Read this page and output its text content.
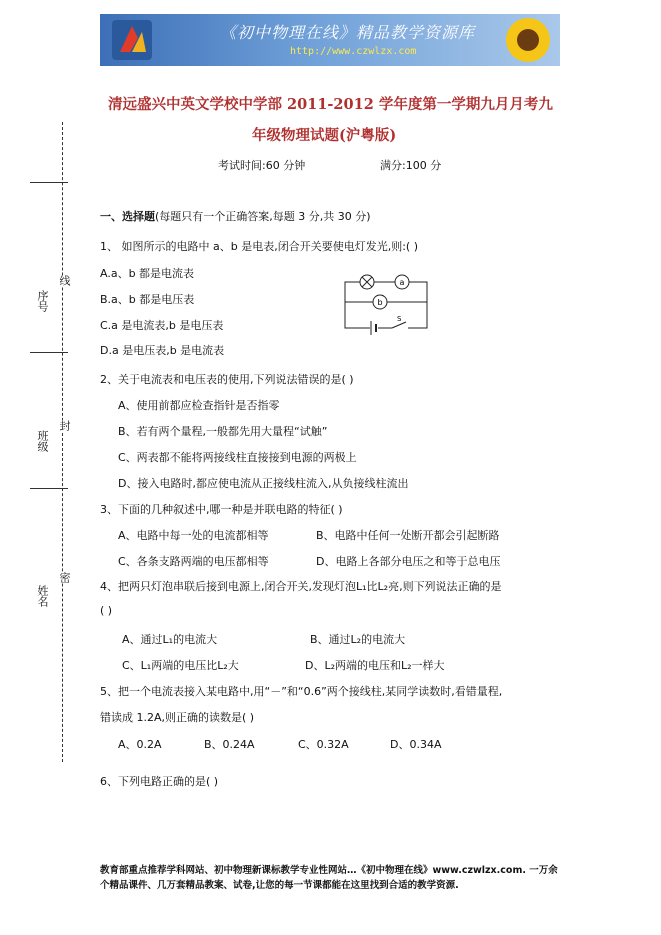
《初中物理在线》精品教学资源库
http://www.czwlzx.com
清远盛兴中英文学校中学部 2011-2012 学年度第一学期九月月考九
年级物理试题(沪粤版)
考试时间:60 分钟	满分:100 分
序号
线
班级
封
姓名
密
一、选择题(每题只有一个正确答案,每题 3 分,共 30 分)
1、 如图所示的电路中 a、b 是电表,闭合开关要使电灯发光,则:( )
A.a、b 都是电流表
B.a、b 都是电压表
C.a 是电流表,b 是电压表
D.a 是电压表,b 是电流表
a
b
S
2、关于电流表和电压表的使用,下列说法错误的是( )
A、使用前都应检查指针是否指零
B、若有两个量程,一般都先用大量程“试触”
C、两表都不能将两接线柱直接接到电源的两极上
D、接入电路时,都应使电流从正接线柱流入,从负接线柱流出
3、下面的几种叙述中,哪一种是并联电路的特征( )
A、电路中每一处的电流都相等	B、电路中任何一处断开都会引起断路
C、各条支路两端的电压都相等	D、电路上各部分电压之和等于总电压
4、把两只灯泡串联后接到电源上,闭合开关,发现灯泡L₁比L₂亮,则下列说法正确的是
( )
A、通过L₁的电流大	B、通过L₂的电流大
C、L₁两端的电压比L₂大	D、L₂两端的电压和L₂一样大
5、把一个电流表接入某电路中,用“－”和“0.6”两个接线柱,某同学读数时,看错量程,
错读成 1.2A,则正确的读数是( )
A、0.2A	B、0.24A	C、0.32A	D、0.34A
6、下列电路正确的是( )
教育部重点推荐学科网站、初中物理新课标教学专业性网站…《初中物理在线》www.czwlzx.com. 一万余
个精品课件、几万套精品教案、试卷,让您的每一节课都能在这里找到合适的教学资源.
